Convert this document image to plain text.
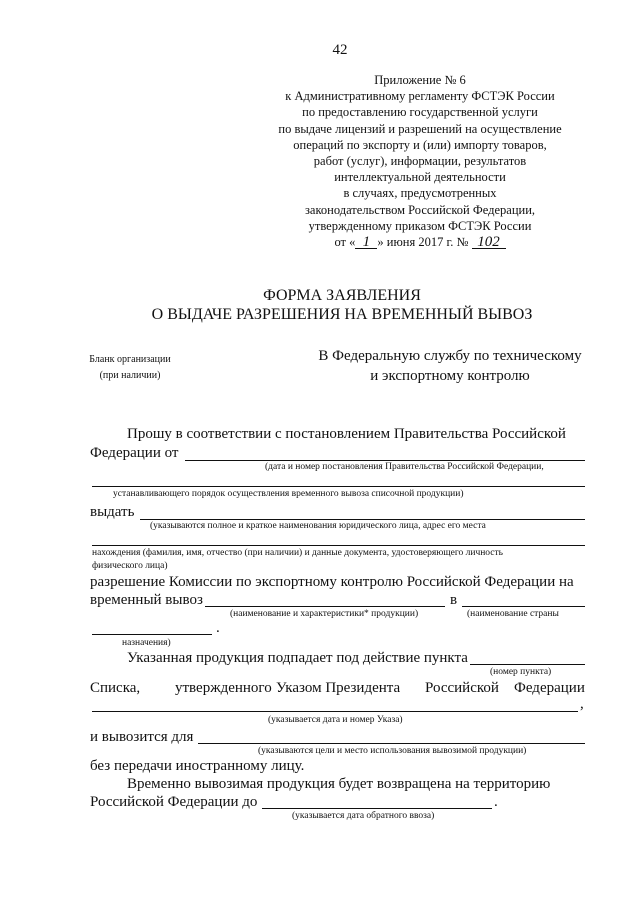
42
Приложение № 6
к Административному регламенту ФСТЭК России
по предоставлению государственной услуги
по выдаче лицензий и разрешений на осуществление
операций по экспорту и (или) импорту товаров,
работ (услуг), информации, результатов
интеллектуальной деятельности
в случаях, предусмотренных
законодательством Российской Федерации,
утвержденному приказом ФСТЭК России
от « 1 » июня 2017 г. № 102
ФОРМА ЗАЯВЛЕНИЯ
О ВЫДАЧЕ РАЗРЕШЕНИЯ НА ВРЕМЕННЫЙ ВЫВОЗ
Бланк организации
(при наличии)
В Федеральную службу по техническому
и экспортному контролю
Прошу в соответствии с постановлением Правительства Российской
Федерации от
(дата и номер постановления Правительства Российской Федерации,
устанавливающего порядок осуществления временного вывоза списочной продукции)
выдать
(указываются полное и краткое наименования юридического лица, адрес его места
нахождения (фамилия, имя, отчество (при наличии) и данные документа, удостоверяющего личность
физического лица)
разрешение Комиссии по экспортному контролю Российской Федерации на
временный вывоз	в
(наименование и характеристики* продукции)	(наименование страны
.
назначения)
Указанная продукция подпадает под действие пункта
(номер пункта)
Списка, утвержденного Указом Президента Российской Федерации
,
(указывается дата и номер Указа)
и вывозится для
(указываются цели и место использования вывозимой продукции)
без передачи иностранному лицу.
Временно вывозимая продукция будет возвращена на территорию
Российской Федерации до	.
(указывается дата обратного ввоза)
